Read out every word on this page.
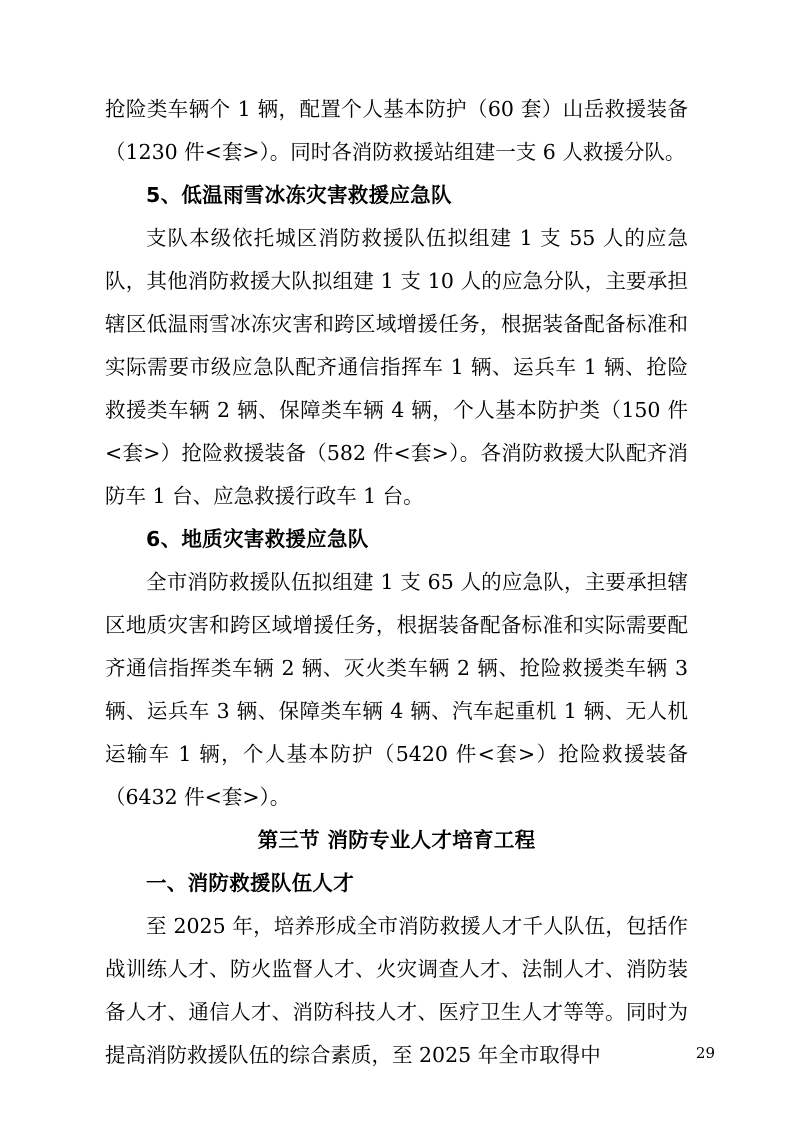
抢险类车辆个 1 辆，配置个人基本防护（60 套）山岳救援装备（1230 件<套>）。同时各消防救援站组建一支 6 人救援分队。

5、低温雨雪冰冻灾害救援应急队

支队本级依托城区消防救援队伍拟组建 1 支 55 人的应急队，其他消防救援大队拟组建 1 支 10 人的应急分队，主要承担辖区低温雨雪冰冻灾害和跨区域增援任务，根据装备配备标准和实际需要市级应急队配齐通信指挥车 1 辆、运兵车 1 辆、抢险救援类车辆 2 辆、保障类车辆 4 辆，个人基本防护类（150 件<套>）抢险救援装备（582 件<套>）。各消防救援大队配齐消防车 1 台、应急救援行政车 1 台。

6、地质灾害救援应急队

全市消防救援队伍拟组建 1 支 65 人的应急队，主要承担辖区地质灾害和跨区域增援任务，根据装备配备标准和实际需要配齐通信指挥类车辆 2 辆、灭火类车辆 2 辆、抢险救援类车辆 3 辆、运兵车 3 辆、保障类车辆 4 辆、汽车起重机 1 辆、无人机运输车 1 辆，个人基本防护（5420 件<套>）抢险救援装备（6432 件<套>）。

第三节 消防专业人才培育工程

一、消防救援队伍人才

至 2025 年，培养形成全市消防救援人才千人队伍，包括作战训练人才、防火监督人才、火灾调查人才、法制人才、消防装备人才、通信人才、消防科技人才、医疗卫生人才等等。同时为提高消防救援队伍的综合素质，至 2025 年全市取得中	29
